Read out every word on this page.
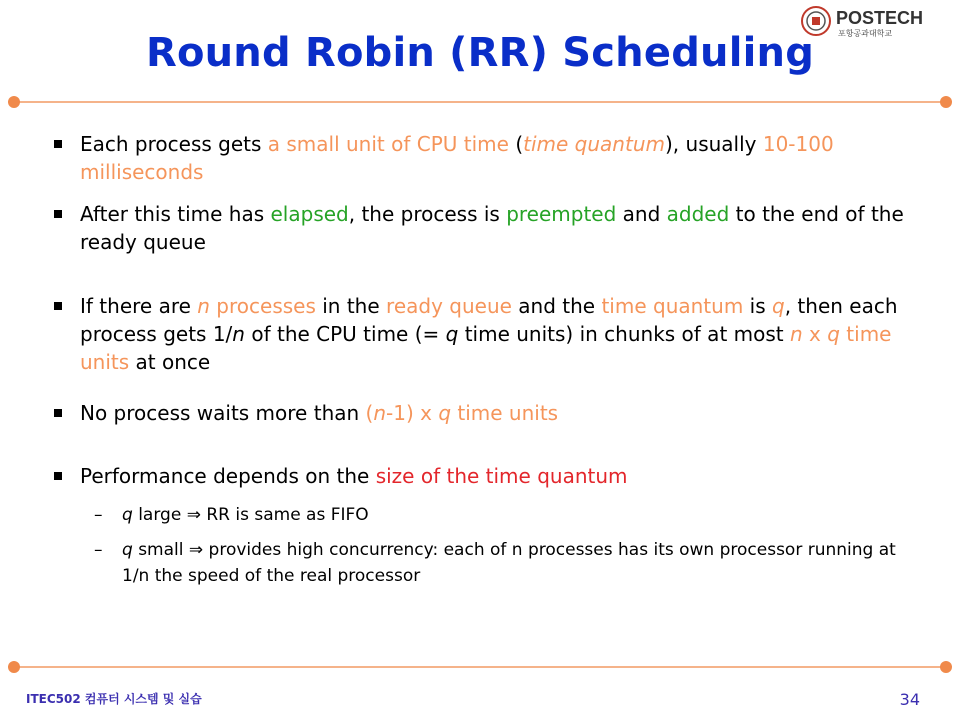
POSTECH
포항공과대학교
Round Robin (RR) Scheduling
Each process gets a small unit of CPU time (time quantum), usually 10-100 milliseconds
After this time has elapsed, the process is preempted and added to the end of the ready queue
If there are n processes in the ready queue and the time quantum is q, then each process gets 1/n of the CPU time (= q time units) in chunks of at most n x q time units at once
No process waits more than (n-1) x q time units
Performance depends on the size of the time quantum
– q large ⇒ RR is same as FIFO
– q small ⇒ provides high concurrency: each of n processes has its own processor running at 1/n the speed of the real processor
ITEC502 컴퓨터 시스템 및 실습	34
